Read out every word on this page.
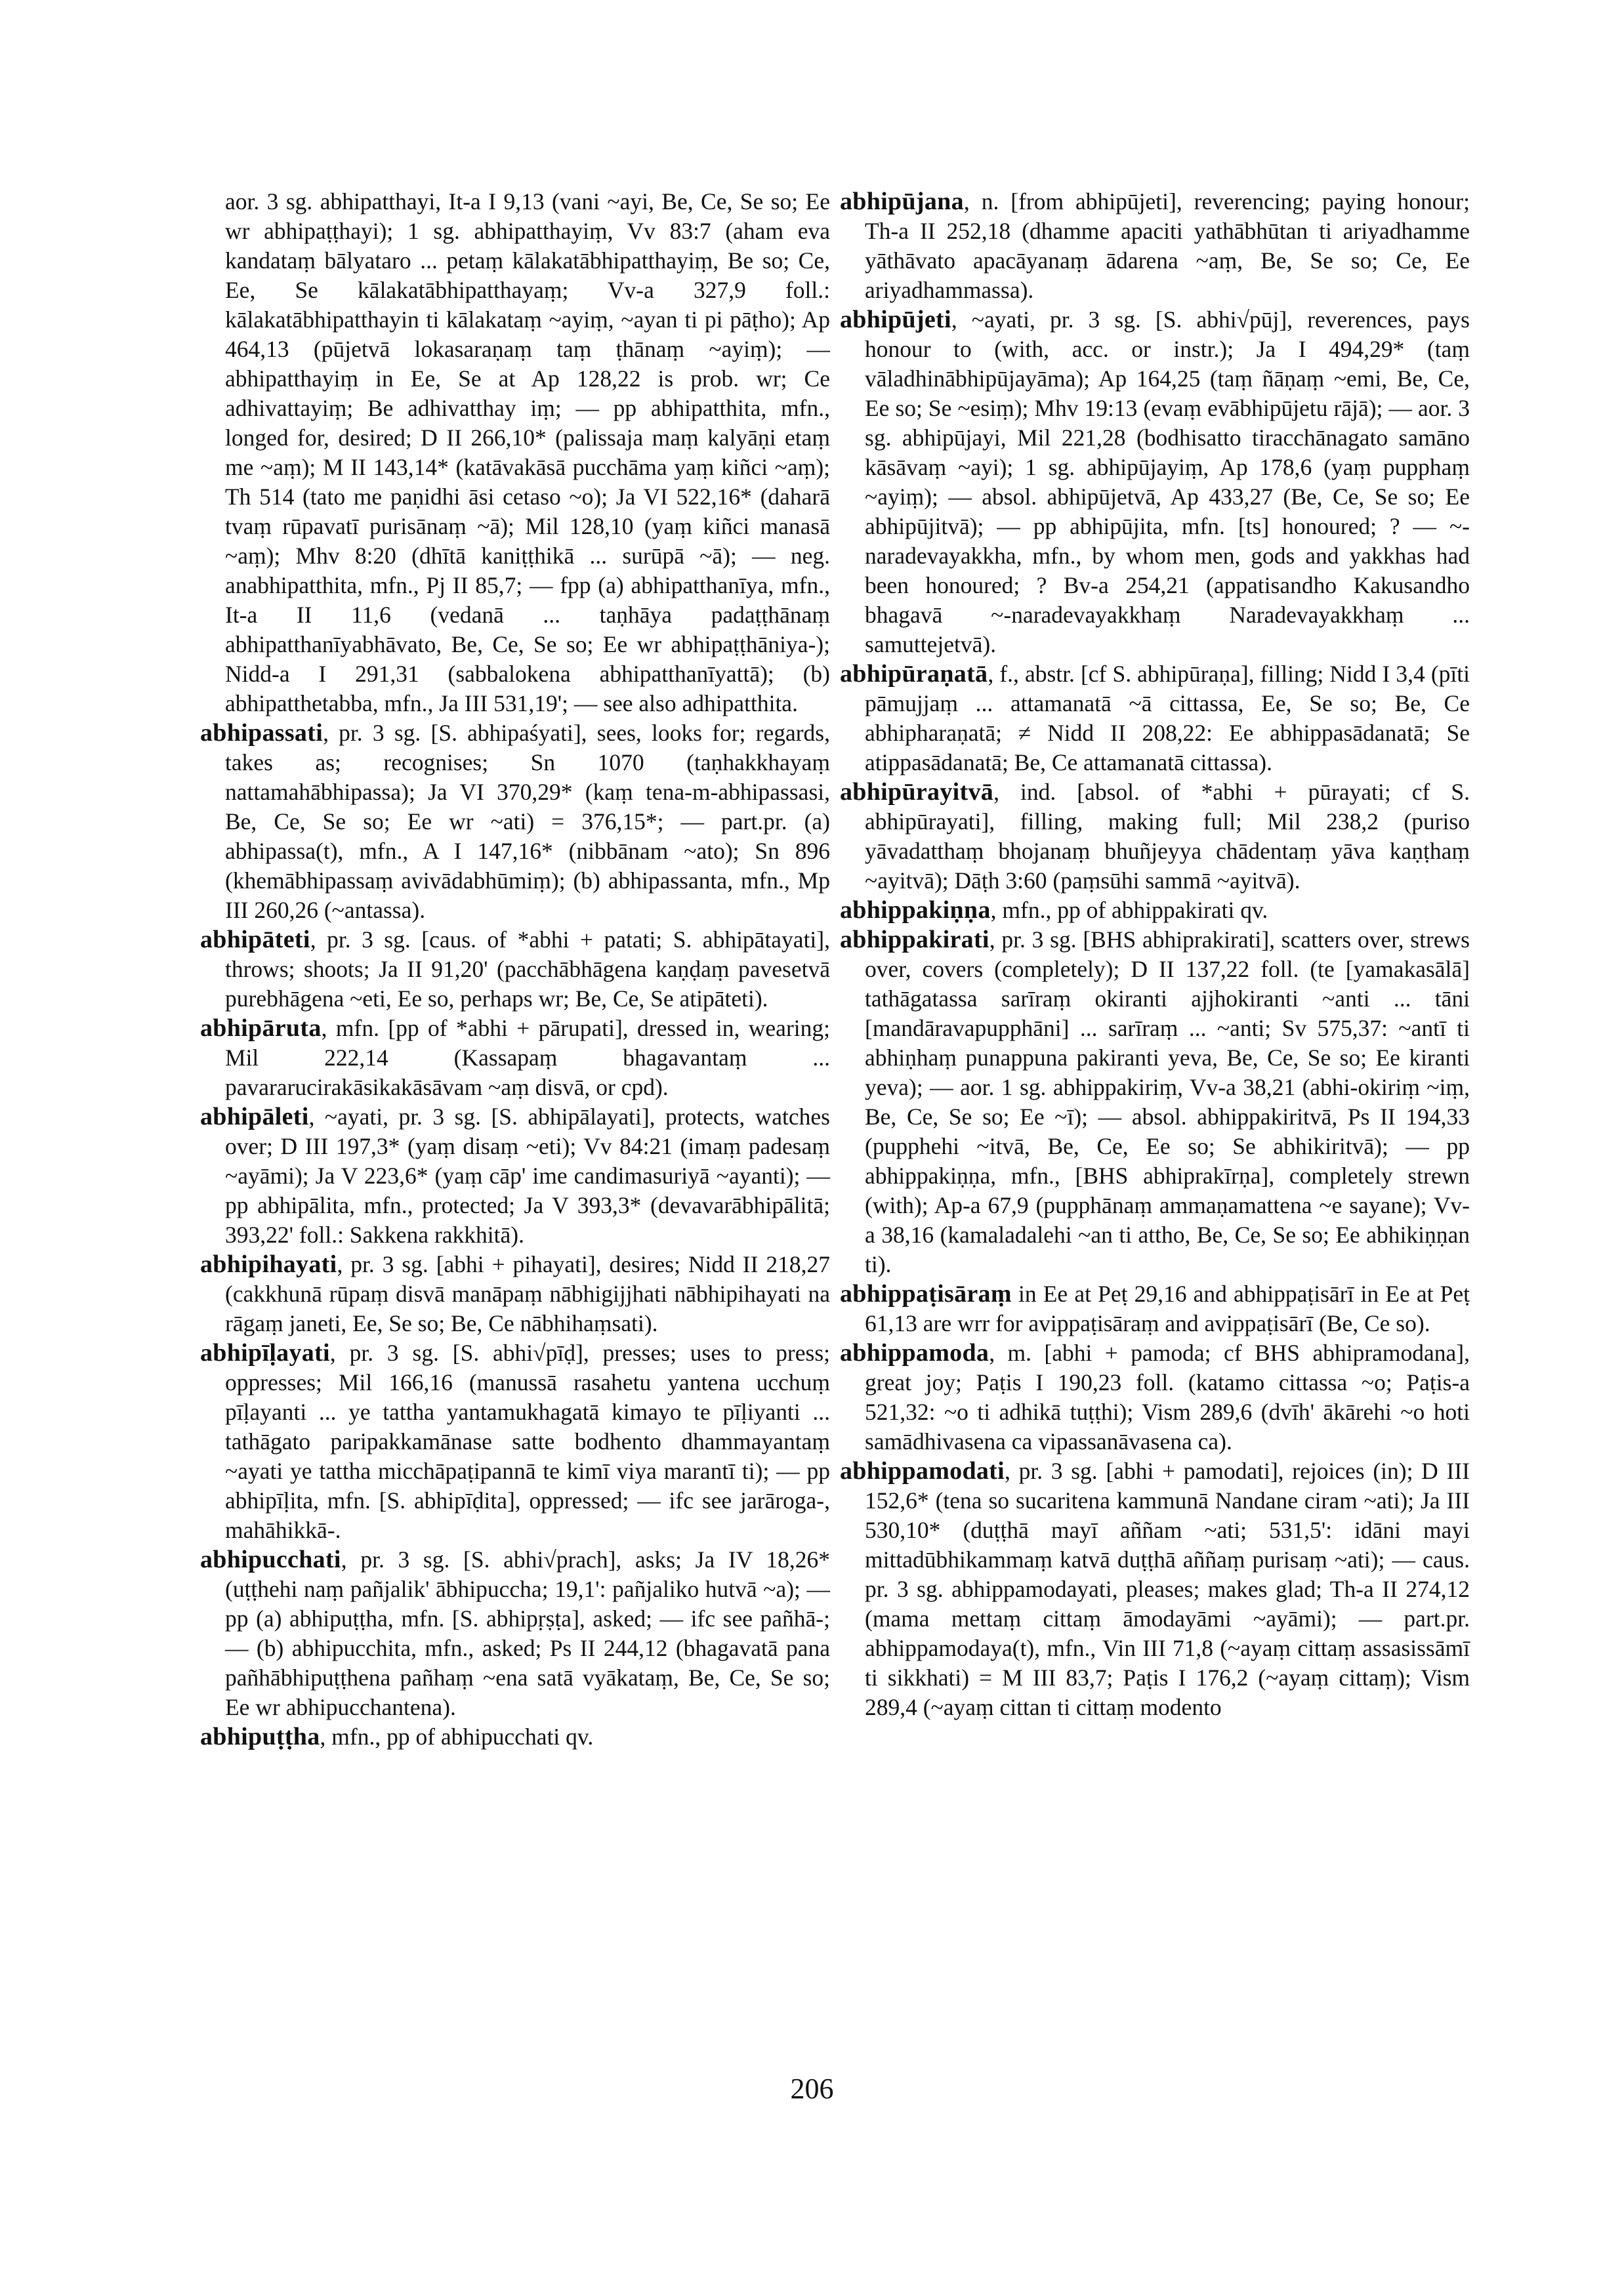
aor. 3 sg. abhipatthayi, It-a I 9,13 (vani ~ayi, Be, Ce, Se so; Ee wr abhipaṭṭhayi); 1 sg. abhipatthayiṃ, Vv 83:7 (aham eva kandataṃ bālyataro ... petaṃ kālakatābhipatthayiṃ, Be so; Ce, Ee, Se kālakatābhipatthayaṃ; Vv-a 327,9 foll.: kālakatābhipatthayin ti kālakataṃ ~ayiṃ, ~ayan ti pi pāṭho); Ap 464,13 (pūjetvā lokasaraṇaṃ taṃ ṭhānaṃ ~ayiṃ); — abhipatthayiṃ in Ee, Se at Ap 128,22 is prob. wr; Ce adhivattayiṃ; Be adhivatthay iṃ; — pp abhipatthita, mfn., longed for, desired; D II 266,10* (palissaja maṃ kalyāṇi etaṃ me ~aṃ); M II 143,14* (katāvakāsā pucchāma yaṃ kiñci ~aṃ); Th 514 (tato me paṇidhi āsi cetaso ~o); Ja VI 522,16* (daharā tvaṃ rūpavatī purisānaṃ ~ā); Mil 128,10 (yaṃ kiñci manasā ~aṃ); Mhv 8:20 (dhītā kaniṭṭhikā ... surūpā ~ā); — neg. anabhipatthita, mfn., Pj II 85,7; — fpp (a) abhipatthanīya, mfn., It-a II 11,6 (vedanā ... taṇhāya padaṭṭhānaṃ abhipatthanīyabhāvato, Be, Ce, Se so; Ee wr abhipaṭṭhāniya-); Nidd-a I 291,31 (sabbalokena abhipatthanīyattā); (b) abhipatthetabba, mfn., Ja III 531,19'; — see also adhipatthita.

abhipassati, pr. 3 sg. [S. abhipaśyati], sees, looks for; regards, takes as; recognises; Sn 1070 (taṇhakkhayaṃ nattamahābhipassa); Ja VI 370,29* (kaṃ tena-m-abhipassasi, Be, Ce, Se so; Ee wr ~ati) = 376,15*; — part.pr. (a) abhipassa(t), mfn., A I 147,16* (nibbānam ~ato); Sn 896 (khemābhipassaṃ avivādabhūmiṃ); (b) abhipassanta, mfn., Mp III 260,26 (~antassa).

abhipāteti, pr. 3 sg. [caus. of *abhi + patati; S. abhipātayati], throws; shoots; Ja II 91,20' (pacchābhāgena kaṇḍaṃ pavesetvā purebhāgena ~eti, Ee so, perhaps wr; Be, Ce, Se atipāteti).

abhipāruta, mfn. [pp of *abhi + pārupati], dressed in, wearing; Mil 222,14 (Kassapaṃ bhagavantaṃ ... pavararucirakāsikakāsāvam ~aṃ disvā, or cpd).

abhipāleti, ~ayati, pr. 3 sg. [S. abhipālayati], protects, watches over; D III 197,3* (yaṃ disaṃ ~eti); Vv 84:21 (imaṃ padesaṃ ~ayāmi); Ja V 223,6* (yaṃ cāp' ime candimasuriyā ~ayanti); — pp abhipālita, mfn., protected; Ja V 393,3* (devavarābhipālitā; 393,22' foll.: Sakkena rakkhitā).

abhipihayati, pr. 3 sg. [abhi + pihayati], desires; Nidd II 218,27 (cakkhunā rūpaṃ disvā manāpaṃ nābhigijjhati nābhipihayati na rāgaṃ janeti, Ee, Se so; Be, Ce nābhihaṃsati).

abhipīḷayati, pr. 3 sg. [S. abhi√pīḍ], presses; uses to press; oppresses; Mil 166,16 (manussā rasahetu yantena ucchuṃ pīḷayanti ... ye tattha yantamukhagatā kimayo te pīḷiyanti ... tathāgato paripakkamānase satte bodhento dhammayantaṃ ~ayati ye tattha micchāpaṭipannā te kimī viya marantī ti); — pp abhipīḷita, mfn. [S. abhipīḍita], oppressed; — ifc see jarāroga-, mahāhikkā-.

abhipucchati, pr. 3 sg. [S. abhi√prach], asks; Ja IV 18,26* (uṭṭhehi naṃ pañjalik' ābhipuccha; 19,1': pañjaliko hutvā ~a); — pp (a) abhipuṭṭha, mfn. [S. abhipṛṣṭa], asked; — ifc see pañhā-; — (b) abhipucchita, mfn., asked; Ps II 244,12 (bhagavatā pana pañhābhipuṭṭhena pañhaṃ ~ena satā vyākataṃ, Be, Ce, Se so; Ee wr abhipucchantena).

abhipuṭṭha, mfn., pp of abhipucchati qv.

abhipūjana, n. [from abhipūjeti], reverencing; paying honour; Th-a II 252,18 (dhamme apaciti yathābhūtan ti ariyadhamme yāthāvato apacāyanaṃ ādarena ~aṃ, Be, Se so; Ce, Ee ariyadhammassa).

abhipūjeti, ~ayati, pr. 3 sg. [S. abhi√pūj], reverences, pays honour to (with, acc. or instr.); Ja I 494,29* (taṃ vāladhinābhipūjayāma); Ap 164,25 (taṃ ñāṇaṃ ~emi, Be, Ce, Ee so; Se ~esiṃ); Mhv 19:13 (evaṃ evābhipūjetu rājā); — aor. 3 sg. abhipūjayi, Mil 221,28 (bodhisatto tiracchānagato samāno kāsāvaṃ ~ayi); 1 sg. abhipūjayiṃ, Ap 178,6 (yaṃ pupphaṃ ~ayiṃ); — absol. abhipūjetvā, Ap 433,27 (Be, Ce, Se so; Ee abhipūjitvā); — pp abhipūjita, mfn. [ts] honoured; ? — ~-naradevayakkha, mfn., by whom men, gods and yakkhas had been honoured; ? Bv-a 254,21 (appatisandho Kakusandho bhagavā ~-naradevayakkhaṃ Naradevayakkhaṃ ... samuttejetvā).

abhipūraṇatā, f., abstr. [cf S. abhipūraṇa], filling; Nidd I 3,4 (pīti pāmujjaṃ ... attamanatā ~ā cittassa, Ee, Se so; Be, Ce abhipharaṇatā; ≠ Nidd II 208,22: Ee abhippasādanatā; Se atippasādanatā; Be, Ce attamanatā cittassa).

abhipūrayitvā, ind. [absol. of *abhi + pūrayati; cf S. abhipūrayati], filling, making full; Mil 238,2 (puriso yāvadatthaṃ bhojanaṃ bhuñjeyya chādentaṃ yāva kaṇṭhaṃ ~ayitvā); Dāṭh 3:60 (paṃsūhi sammā ~ayitvā).

abhippakiṇṇa, mfn., pp of abhippakirati qv.

abhippakirati, pr. 3 sg. [BHS abhiprakirati], scatters over, strews over, covers (completely); D II 137,22 foll. (te [yamakasālā] tathāgatassa sarīraṃ okiranti ajjhokiranti ~anti ... tāni [mandāravapupphāni] ... sarīraṃ ... ~anti; Sv 575,37: ~antī ti abhiṇhaṃ punappuna pakiranti yeva, Be, Ce, Se so; Ee kiranti yeva); — aor. 1 sg. abhippakiriṃ, Vv-a 38,21 (abhi-okiriṃ ~iṃ, Be, Ce, Se so; Ee ~ī); — absol. abhippakiritvā, Ps II 194,33 (pupphehi ~itvā, Be, Ce, Ee so; Se abhikiritvā); — pp abhippakiṇṇa, mfn., [BHS abhiprakīrṇa], completely strewn (with); Ap-a 67,9 (pupphānaṃ ammaṇamattena ~e sayane); Vv-a 38,16 (kamaladalehi ~an ti attho, Be, Ce, Se so; Ee abhikiṇṇan ti).

abhippaṭisāraṃ in Ee at Peṭ 29,16 and abhippaṭisārī in Ee at Peṭ 61,13 are wrr for avippaṭisāraṃ and avippaṭisārī (Be, Ce so).

abhippamoda, m. [abhi + pamoda; cf BHS abhipramodana], great joy; Paṭis I 190,23 foll. (katamo cittassa ~o; Paṭis-a 521,32: ~o ti adhikā tuṭṭhi); Vism 289,6 (dvīh' ākārehi ~o hoti samādhivasena ca vipassanāvasena ca).

abhippamodati, pr. 3 sg. [abhi + pamodati], rejoices (in); D III 152,6* (tena so sucaritena kammunā Nandane ciram ~ati); Ja III 530,10* (duṭṭhā mayī aññam ~ati; 531,5': idāni mayi mittadūbhikammaṃ katvā duṭṭhā aññaṃ purisaṃ ~ati); — caus. pr. 3 sg. abhippamodayati, pleases; makes glad; Th-a II 274,12 (mama mettaṃ cittaṃ āmodayāmi ~ayāmi); — part.pr. abhippamodaya(t), mfn., Vin III 71,8 (~ayaṃ cittaṃ assasissāmī ti sikkhati) = M III 83,7; Paṭis I 176,2 (~ayaṃ cittaṃ); Vism 289,4 (~ayaṃ cittan ti cittaṃ modento

206
